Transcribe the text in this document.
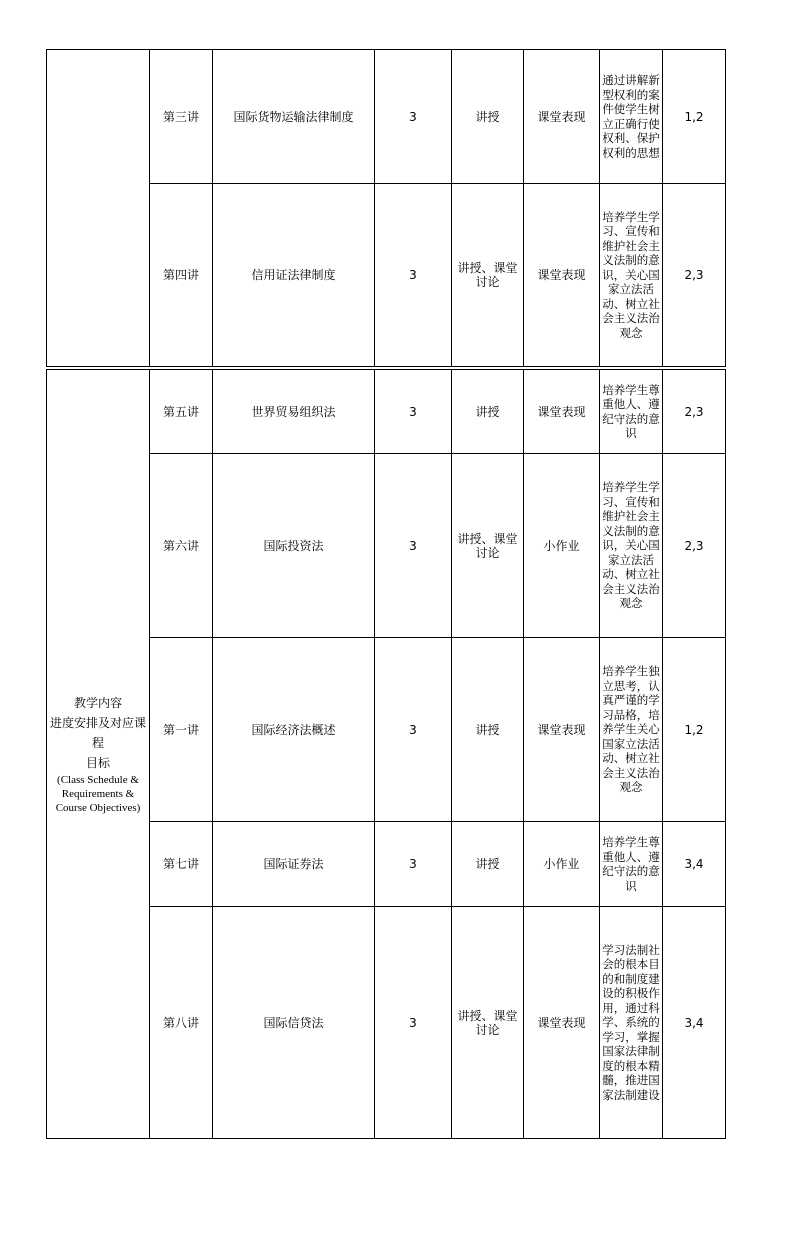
	第三讲	国际货物运输法律制度	3	讲授	课堂表现	通过讲解新型权利的案件使学生树立正确行使权利、保护权利的思想	1,2
	第四讲	信用证法律制度	3	讲授、课堂讨论	课堂表现	培养学生学习、宣传和维护社会主义法制的意识，关心国家立法活动、树立社会主义法治观念	2,3
教学内容
进度安排及对应课程
目标
(Class Schedule & Requirements & Course Objectives)	第五讲	世界贸易组织法	3	讲授	课堂表现	培养学生尊重他人、遵纪守法的意识	2,3
	第六讲	国际投资法	3	讲授、课堂讨论	小作业	培养学生学习、宣传和维护社会主义法制的意识，关心国家立法活动、树立社会主义法治观念	2,3
	第一讲	国际经济法概述	3	讲授	课堂表现	培养学生独立思考，认真严谨的学习品格，培养学生关心国家立法活动、树立社会主义法治观念	1,2
	第七讲	国际证券法	3	讲授	小作业	培养学生尊重他人、遵纪守法的意识	3,4
	第八讲	国际信贷法	3	讲授、课堂讨论	课堂表现	学习法制社会的根本目的和制度建设的积极作用，通过科学、系统的学习，掌握国家法律制度的根本精髓，推进国家法制建设	3,4
